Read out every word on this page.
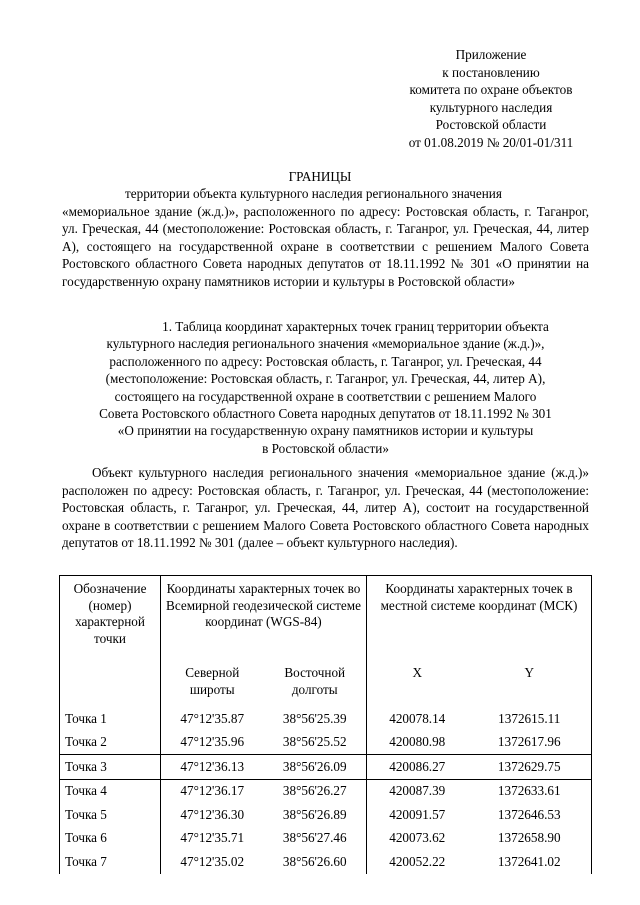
Приложение
к постановлению
комитета по охране объектов
культурного наследия
Ростовской области
от 01.08.2019 № 20/01-01/311
ГРАНИЦЫ
территории объекта культурного наследия регионального значения
«мемориальное здание (ж.д.)», расположенного по адресу: Ростовская область, г. Таганрог, ул. Греческая, 44 (местоположение: Ростовская область, г. Таганрог, ул. Греческая, 44, литер А), состоящего на государственной охране в соответствии с решением Малого Совета Ростовского областного Совета народных депутатов от 18.11.1992 № 301 «О принятии на государственную охрану памятников истории и культуры в Ростовской области»
1. Таблица координат характерных точек границ территории объекта
культурного наследия регионального значения «мемориальное здание (ж.д.)»,
расположенного по адресу: Ростовская область, г. Таганрог, ул. Греческая, 44
(местоположение: Ростовская область, г. Таганрог, ул. Греческая, 44, литер А),
состоящего на государственной охране в соответствии с решением Малого
Совета Ростовского областного Совета народных депутатов от 18.11.1992 № 301
«О принятии на государственную охрану памятников истории и культуры
в Ростовской области»

Объект культурного наследия регионального значения «мемориальное здание (ж.д.)» расположен по адресу: Ростовская область, г. Таганрог, ул. Греческая, 44 (местоположение: Ростовская область, г. Таганрог, ул. Греческая, 44, литер А), состоит на государственной охране в соответствии с решением Малого Совета Ростовского областного Совета народных депутатов от 18.11.1992 № 301 (далее – объект культурного наследия).

Обозначение (номер) характерной точки	Координаты характерных точек во Всемирной геодезической системе координат (WGS-84)		Координаты характерных точек в местной системе координат (МСК)	
	Северной широты	Восточной долготы	X	Y
Точка 1	47°12'35.87	38°56'25.39	420078.14	1372615.11
Точка 2	47°12'35.96	38°56'25.52	420080.98	1372617.96
Точка 3	47°12'36.13	38°56'26.09	420086.27	1372629.75
Точка 4	47°12'36.17	38°56'26.27	420087.39	1372633.61
Точка 5	47°12'36.30	38°56'26.89	420091.57	1372646.53
Точка 6	47°12'35.71	38°56'27.46	420073.62	1372658.90
Точка 7	47°12'35.02	38°56'26.60	420052.22	1372641.02
